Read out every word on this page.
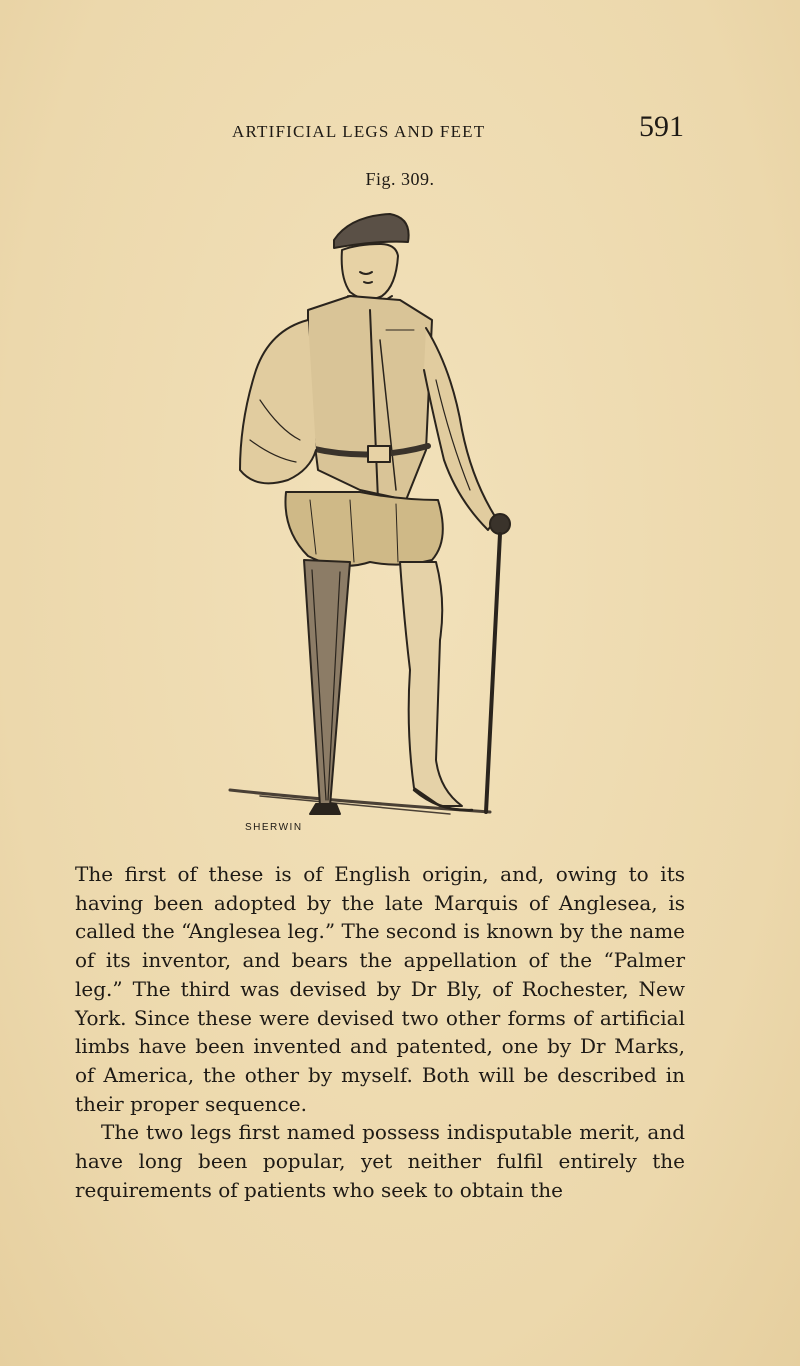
ARTIFICIAL LEGS AND FEET	591
Fig. 309.
SHERWIN

The first of these is of English origin, and, owing to its having been adopted by the late Marquis of Anglesea, is called the “Anglesea leg.” The second is known by the name of its inventor, and bears the appellation of the “Palmer leg.” The third was devised by Dr Bly, of Rochester, New York. Since these were devised two other forms of artificial limbs have been invented and patented, one by Dr Marks, of America, the other by myself. Both will be described in their proper sequence.

The two legs first named possess indisputable merit, and have long been popular, yet neither fulfil entirely the requirements of patients who seek to obtain the
